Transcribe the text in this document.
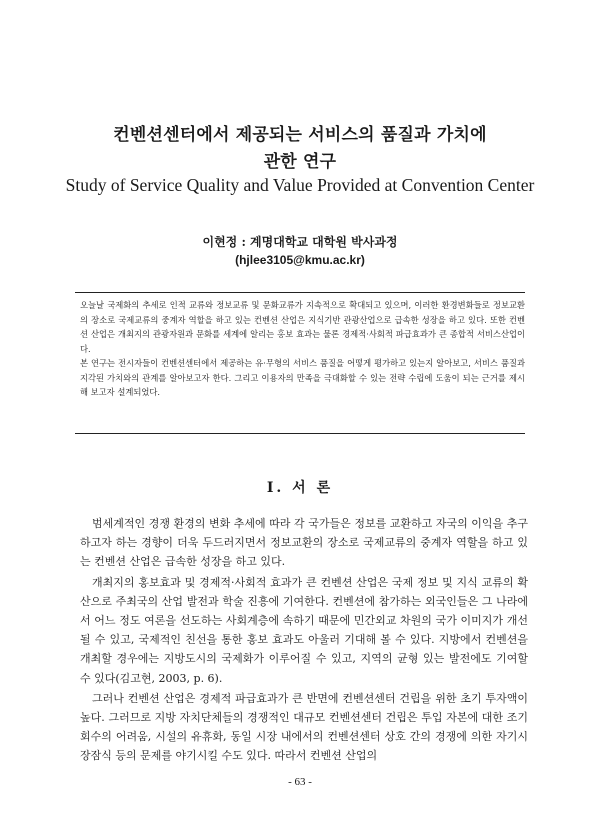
컨벤션센터에서 제공되는 서비스의 품질과 가치에
관한 연구
Study of Service Quality and Value Provided at Convention Center
이현정 : 계명대학교 대학원 박사과정
(hjlee3105@kmu.ac.kr)

오늘날 국제화의 추세로 인적 교류와 정보교류 및 문화교류가 지속적으로 확대되고 있으며, 이러한 환경변화들로 정보교환의 장소로 국제교류의 중계자 역할을 하고 있는 컨벤션 산업은 지식기반 관광산업으로 급속한 성장을 하고 있다. 또한 컨벤션 산업은 개최지의 관광자원과 문화를 세계에 알리는 홍보 효과는 물론 경제적·사회적 파급효과가 큰 종합적 서비스산업이다.

본 연구는 전시자들이 컨벤션센터에서 제공하는 유·무형의 서비스 품질을 어떻게 평가하고 있는지 알아보고, 서비스 품질과 지각된 가치와의 관계를 알아보고자 한다. 그리고 이용자의 만족을 극대화할 수 있는 전략 수립에 도움이 되는 근거를 제시해 보고자 설계되었다.

Ⅰ. 서 론

범세계적인 경쟁 환경의 변화 추세에 따라 각 국가들은 정보를 교환하고 자국의 이익을 추구하고자 하는 경향이 더욱 두드러지면서 정보교환의 장소로 국제교류의 중계자 역할을 하고 있는 컨벤션 산업은 급속한 성장을 하고 있다.

개최지의 홍보효과 및 경제적·사회적 효과가 큰 컨벤션 산업은 국제 정보 및 지식 교류의 확산으로 주최국의 산업 발전과 학술 진흥에 기여한다. 컨벤션에 참가하는 외국인들은 그 나라에서 어느 정도 여론을 선도하는 사회계층에 속하기 때문에 민간외교 차원의 국가 이미지가 개선될 수 있고, 국제적인 친선을 통한 홍보 효과도 아울러 기대해 볼 수 있다. 지방에서 컨벤션을 개최할 경우에는 지방도시의 국제화가 이루어질 수 있고, 지역의 균형 있는 발전에도 기여할 수 있다(김고현, 2003, p. 6).

그러나 컨벤션 산업은 경제적 파급효과가 큰 반면에 컨벤션센터 건립을 위한 초기 투자액이 높다. 그러므로 지방 자치단체들의 경쟁적인 대규모 컨벤션센터 건립은 투입 자본에 대한 조기 회수의 어려움, 시설의 유휴화, 동일 시장 내에서의 컨벤션센터 상호 간의 경쟁에 의한 자기시장잠식 등의 문제를 야기시킬 수도 있다. 따라서 컨벤션 산업의

- 63 -
